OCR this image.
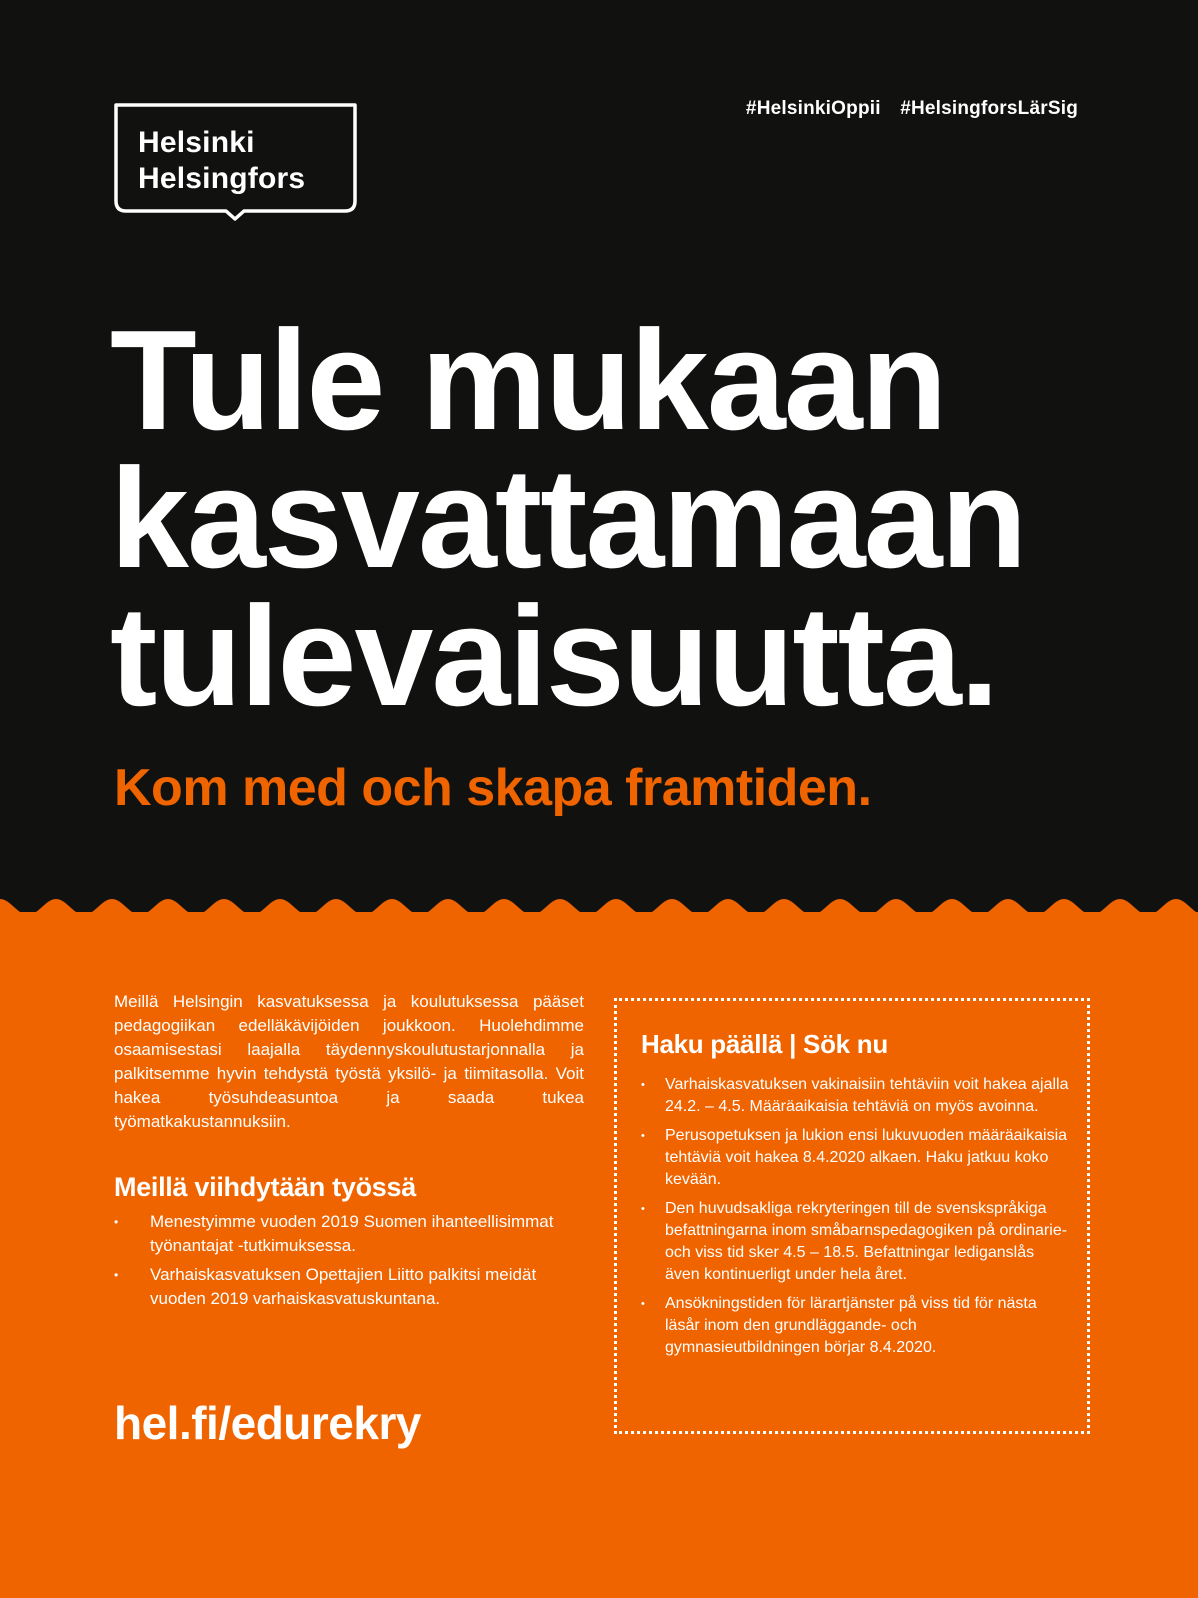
Helsinki
Helsingfors
#HelsinkiOppii #HelsingforsLärSig
Tule mukaan
kasvattamaan
tulevaisuutta.
Kom med och skapa framtiden.

Meillä Helsingin kasvatuksessa ja koulutuksessa pääset pedagogiikan edelläkävijöiden joukkoon. Huolehdimme osaamisestasi laajalla täydennyskoulutustarjonnalla ja palkitsemme hyvin tehdystä työstä yksilö- ja tiimitasolla. Voit hakea työsuhdeasuntoa ja saada tukea työmatkakustannuksiin.

Meillä viihdytään työssä
• Menestyimme vuoden 2019 Suomen ihanteellisimmat työnantajat -tutkimuksessa.
• Varhaiskasvatuksen Opettajien Liitto palkitsi meidät vuoden 2019 varhaiskasvatuskuntana.
hel.fi/edurekry
Haku päällä | Sök nu
• Varhaiskasvatuksen vakinaisiin tehtäviin voit hakea ajalla 24.2. – 4.5. Määräaikaisia tehtäviä on myös avoinna.
• Perusopetuksen ja lukion ensi lukuvuoden määräaikaisia tehtäviä voit hakea 8.4.2020 alkaen. Haku jatkuu koko kevään.
• Den huvudsakliga rekryteringen till de svenskspråkiga befattningarna inom småbarnspedagogiken på ordinarie- och viss tid sker 4.5 – 18.5. Befattningar lediganslås även kontinuerligt under hela året.
• Ansökningstiden för lärartjänster på viss tid för nästa läsår inom den grundläggande- och gymnasieutbildningen börjar 8.4.2020.
